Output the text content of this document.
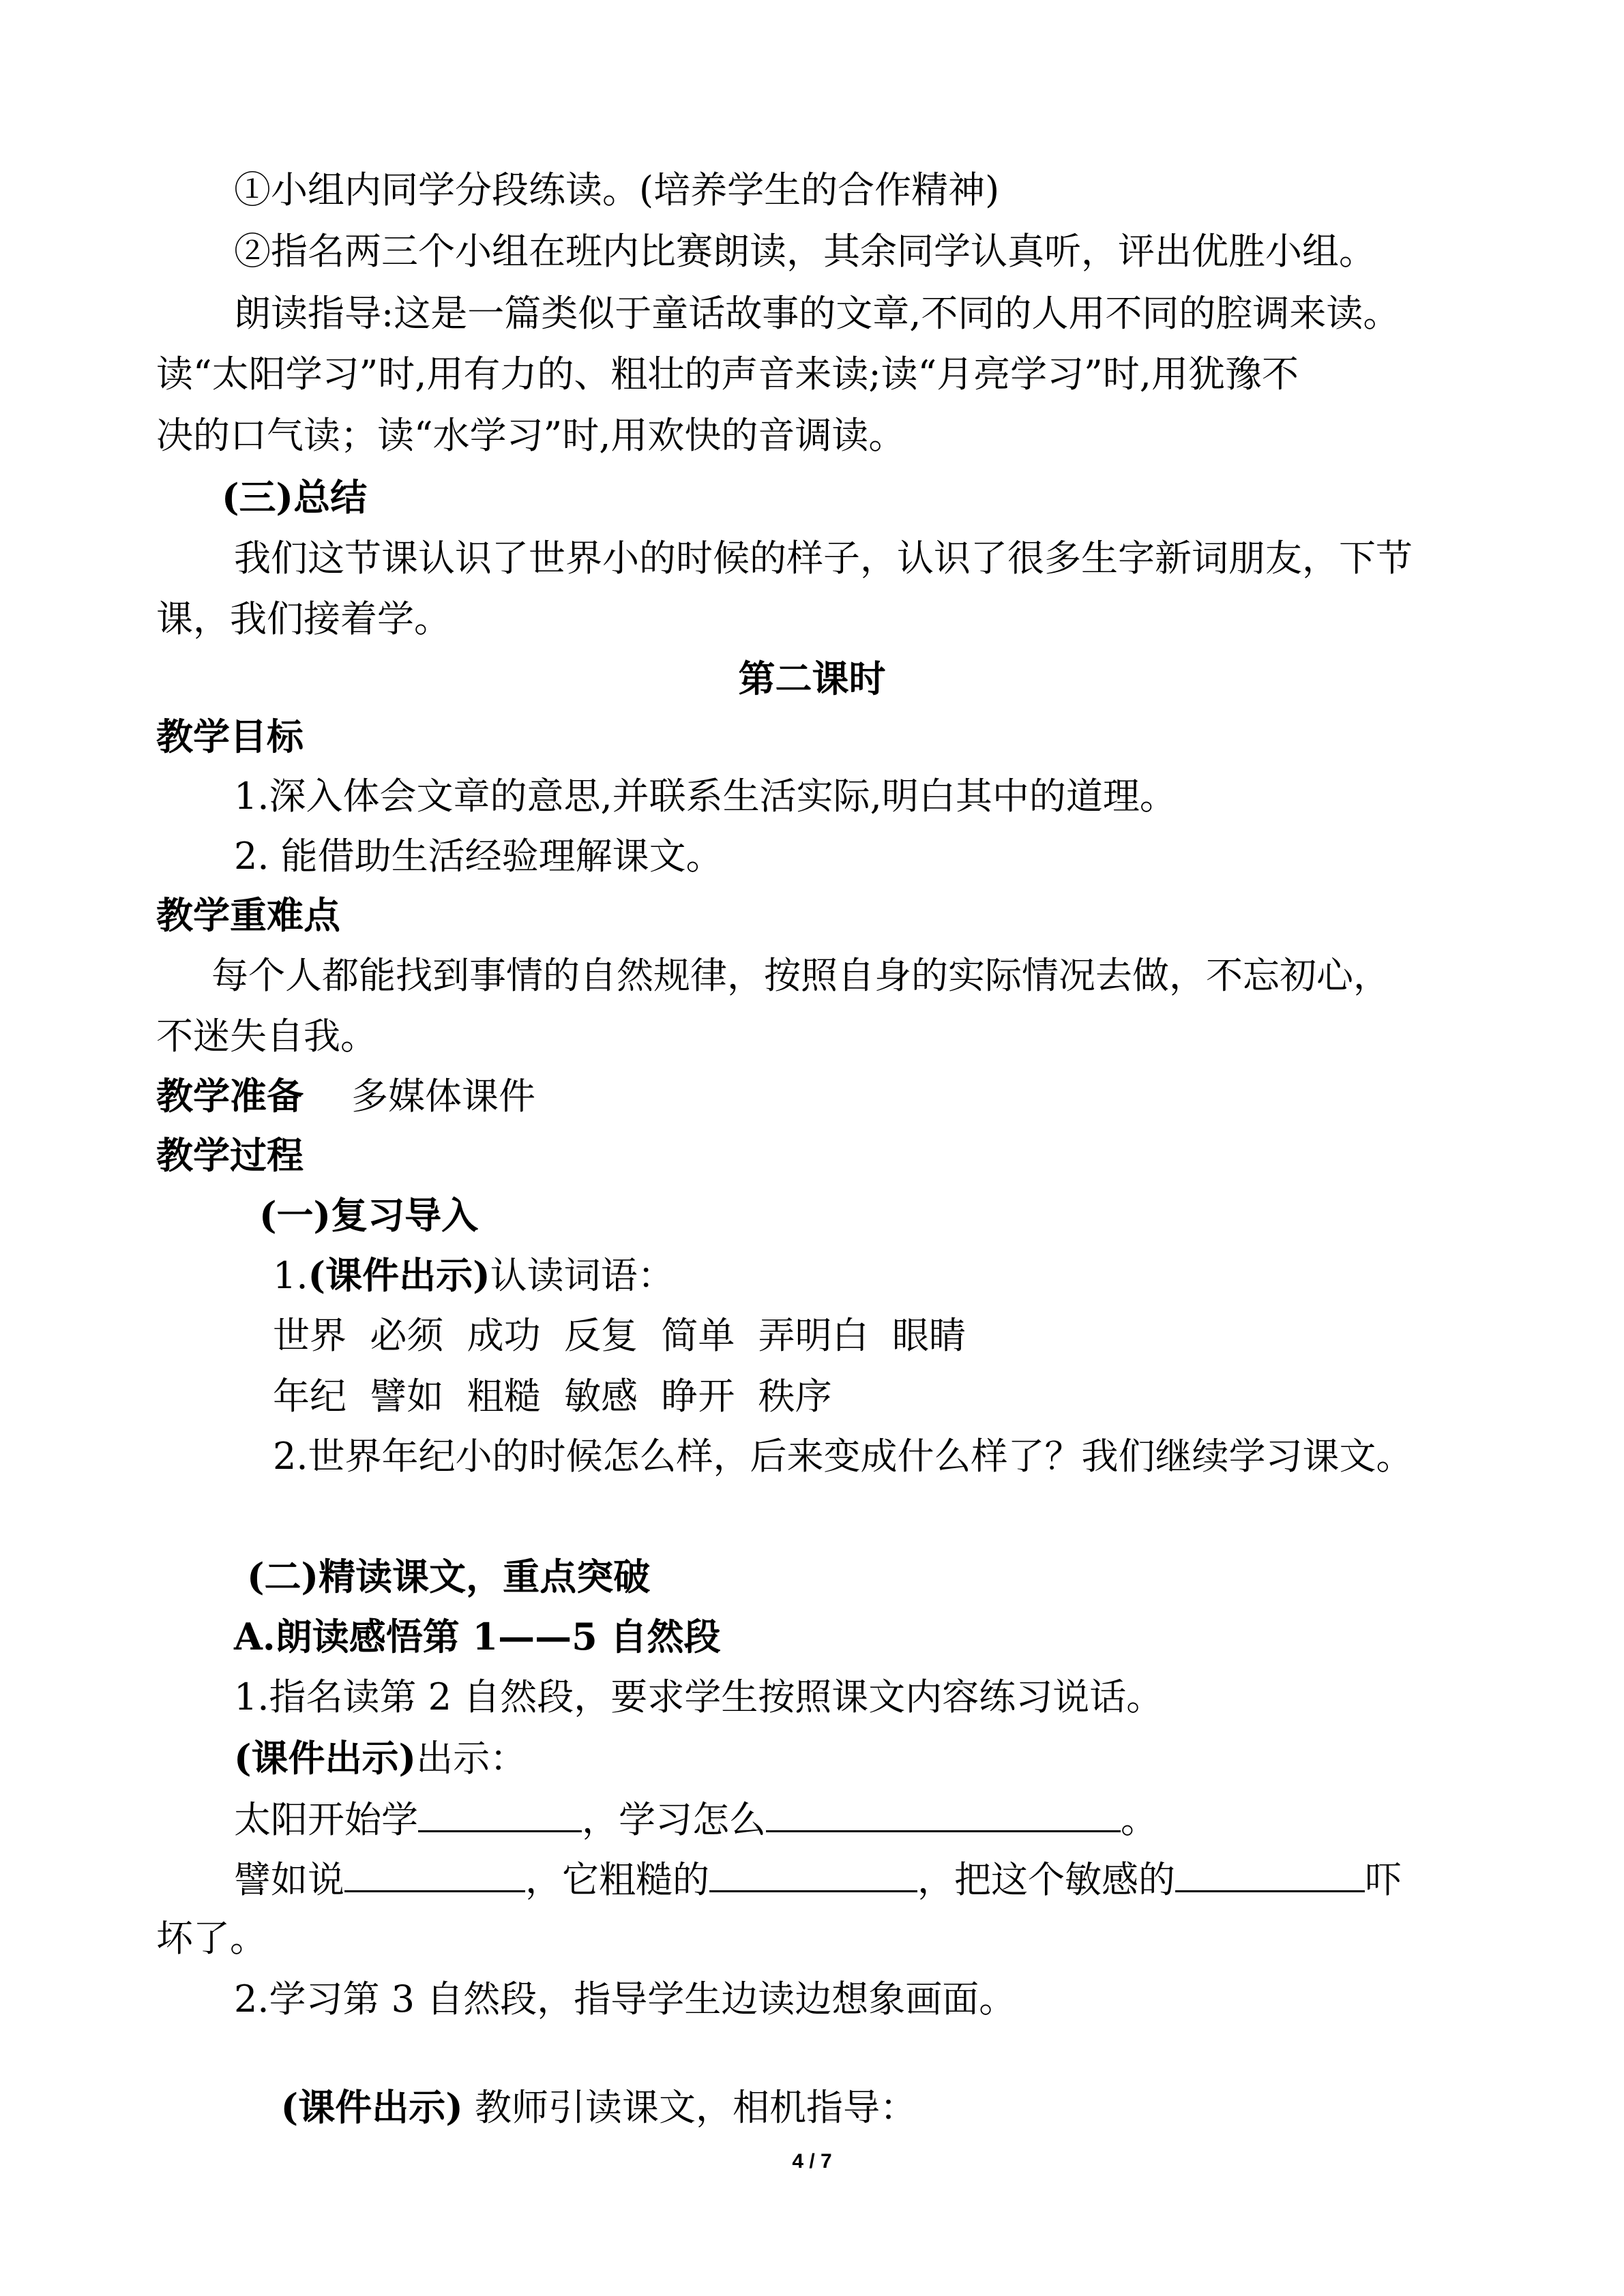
①小组内同学分段练读。(培养学生的合作精神)
②指名两三个小组在班内比赛朗读，其余同学认真听，评出优胜小组。
朗读指导:这是一篇类似于童话故事的文章,不同的人用不同的腔调来读。
读“太阳学习”时,用有力的、粗壮的声音来读;读“月亮学习”时,用犹豫不
决的口气读；读“水学习”时,用欢快的音调读。
(三)总结
我们这节课认识了世界小的时候的样子，认识了很多生字新词朋友，下节
课，我们接着学。
第二课时
教学目标
1.深入体会文章的意思,并联系生活实际,明白其中的道理。
2. 能借助生活经验理解课文。
教学重难点
每个人都能找到事情的自然规律，按照自身的实际情况去做，不忘初心，
不迷失自我。
教学准备 多媒体课件
教学过程
(一)复习导入
1.(课件出示)认读词语：
世界  必须  成功  反复  简单  弄明白  眼睛
年纪  譬如  粗糙  敏感  睁开  秩序
2.世界年纪小的时候怎么样，后来变成什么样了？我们继续学习课文。
(二)精读课文，重点突破
A.朗读感悟第 1——5 自然段
1.指名读第 2 自然段，要求学生按照课文内容练习说话。
(课件出示)出示：
太阳开始学	，学习怎么	。
譬如说	，它粗糙的	，把这个敏感的	吓
坏了。
2.学习第 3 自然段，指导学生边读边想象画面。

(课件出示) 教师引读课文，相机指导：

4 / 7
